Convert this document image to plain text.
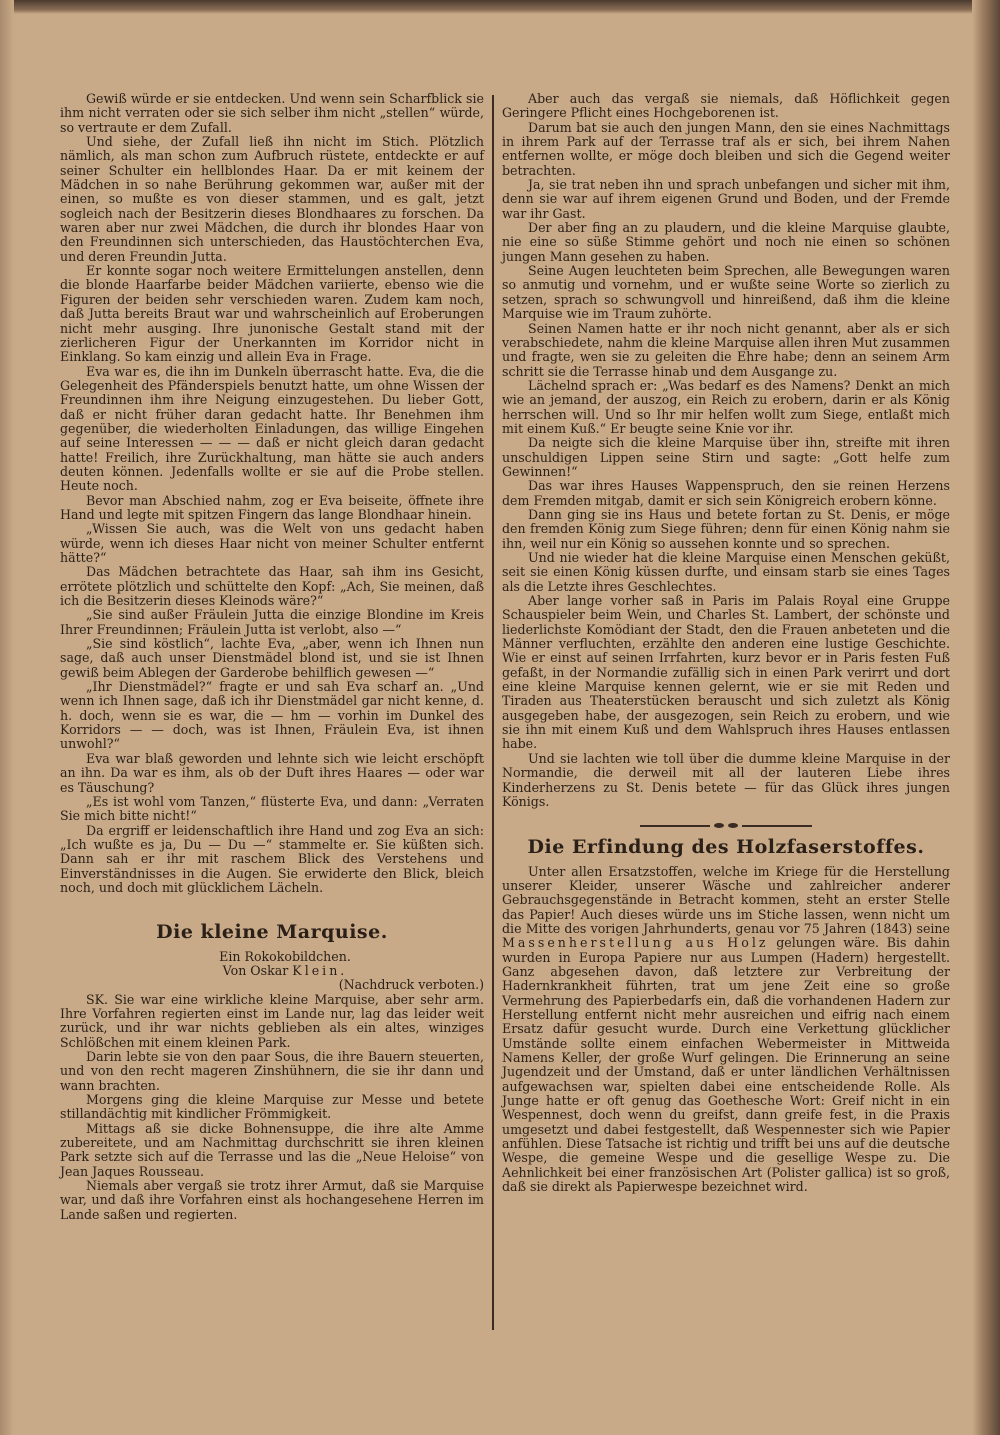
Gewiß würde er sie entdecken. Und wenn sein Scharfblick sie ihm nicht verraten oder sie sich selber ihm nicht „stellen“ würde, so vertraute er dem Zufall.

Und siehe, der Zufall ließ ihn nicht im Stich. Plötzlich nämlich, als man schon zum Aufbruch rüstete, entdeckte er auf seiner Schulter ein hellblondes Haar. Da er mit keinem der Mädchen in so nahe Berührung gekommen war, außer mit der einen, so mußte es von dieser stammen, und es galt, jetzt sogleich nach der Besitzerin dieses Blondhaares zu forschen. Da waren aber nur zwei Mädchen, die durch ihr blondes Haar von den Freundinnen sich unterschieden, das Haustöchterchen Eva, und deren Freundin Jutta.

Er konnte sogar noch weitere Ermittelungen anstellen, denn die blonde Haarfarbe beider Mädchen variierte, ebenso wie die Figuren der beiden sehr verschieden waren. Zudem kam noch, daß Jutta bereits Braut war und wahrscheinlich auf Eroberungen nicht mehr ausging. Ihre junonische Gestalt stand mit der zierlicheren Figur der Unerkannten im Korridor nicht in Einklang. So kam einzig und allein Eva in Frage.

Eva war es, die ihn im Dunkeln überrascht hatte. Eva, die die Gelegenheit des Pfänderspiels benutzt hatte, um ohne Wissen der Freundinnen ihm ihre Neigung einzugestehen. Du lieber Gott, daß er nicht früher daran gedacht hatte. Ihr Benehmen ihm gegenüber, die wiederholten Einladungen, das willige Eingehen auf seine Interessen — — — daß er nicht gleich daran gedacht hatte! Freilich, ihre Zurückhaltung, man hätte sie auch anders deuten können. Jedenfalls wollte er sie auf die Probe stellen. Heute noch.

Bevor man Abschied nahm, zog er Eva beiseite, öffnete ihre Hand und legte mit spitzen Fingern das lange Blondhaar hinein.

„Wissen Sie auch, was die Welt von uns gedacht haben würde, wenn ich dieses Haar nicht von meiner Schulter entfernt hätte?“

Das Mädchen betrachtete das Haar, sah ihm ins Gesicht, errötete plötzlich und schüttelte den Kopf: „Ach, Sie meinen, daß ich die Besitzerin dieses Kleinods wäre?“

„Sie sind außer Fräulein Jutta die einzige Blondine im Kreis Ihrer Freundinnen; Fräulein Jutta ist verlobt, also —“

„Sie sind köstlich“, lachte Eva, „aber, wenn ich Ihnen nun sage, daß auch unser Dienstmädel blond ist, und sie ist Ihnen gewiß beim Ablegen der Garderobe behilflich gewesen —“

„Ihr Dienstmädel?“ fragte er und sah Eva scharf an. „Und wenn ich Ihnen sage, daß ich ihr Dienstmädel gar nicht kenne, d. h. doch, wenn sie es war, die — hm — vorhin im Dunkel des Korridors — — doch, was ist Ihnen, Fräulein Eva, ist ihnen unwohl?“

Eva war blaß geworden und lehnte sich wie leicht erschöpft an ihn. Da war es ihm, als ob der Duft ihres Haares — oder war es Täuschung?

„Es ist wohl vom Tanzen,“ flüsterte Eva, und dann: „Verraten Sie mich bitte nicht!“

Da ergriff er leidenschaftlich ihre Hand und zog Eva an sich: „Ich wußte es ja, Du — Du —“ stammelte er. Sie küßten sich. Dann sah er ihr mit raschem Blick des Verstehens und Einverständnisses in die Augen. Sie erwiderte den Blick, bleich noch, und doch mit glücklichem Lächeln.

Die kleine Marquise.

Ein Rokokobildchen.

Von Oskar Klein.

(Nachdruck verboten.)

SK. Sie war eine wirkliche kleine Marquise, aber sehr arm. Ihre Vorfahren regierten einst im Lande nur, lag das leider weit zurück, und ihr war nichts geblieben als ein altes, winziges Schlößchen mit einem kleinen Park.

Darin lebte sie von den paar Sous, die ihre Bauern steuerten, und von den recht mageren Zinshühnern, die sie ihr dann und wann brachten.

Morgens ging die kleine Marquise zur Messe und betete stillandächtig mit kindlicher Frömmigkeit.

Mittags aß sie dicke Bohnensuppe, die ihre alte Amme zubereitete, und am Nachmittag durchschritt sie ihren kleinen Park setzte sich auf die Terrasse und las die „Neue Heloise“ von Jean Jaques Rousseau.

Niemals aber vergaß sie trotz ihrer Armut, daß sie Marquise war, und daß ihre Vorfahren einst als hochangesehene Herren im Lande saßen und regierten.

Aber auch das vergaß sie niemals, daß Höflichkeit gegen Geringere Pflicht eines Hochgeborenen ist.

Darum bat sie auch den jungen Mann, den sie eines Nachmittags in ihrem Park auf der Terrasse traf als er sich, bei ihrem Nahen entfernen wollte, er möge doch bleiben und sich die Gegend weiter betrachten.

Ja, sie trat neben ihn und sprach unbefangen und sicher mit ihm, denn sie war auf ihrem eigenen Grund und Boden, und der Fremde war ihr Gast.

Der aber fing an zu plaudern, und die kleine Marquise glaubte, nie eine so süße Stimme gehört und noch nie einen so schönen jungen Mann gesehen zu haben.

Seine Augen leuchteten beim Sprechen, alle Bewegungen waren so anmutig und vornehm, und er wußte seine Worte so zierlich zu setzen, sprach so schwungvoll und hinreißend, daß ihm die kleine Marquise wie im Traum zuhörte.

Seinen Namen hatte er ihr noch nicht genannt, aber als er sich verabschiedete, nahm die kleine Marquise allen ihren Mut zusammen und fragte, wen sie zu geleiten die Ehre habe; denn an seinem Arm schritt sie die Terrasse hinab und dem Ausgange zu.

Lächelnd sprach er: „Was bedarf es des Namens? Denkt an mich wie an jemand, der auszog, ein Reich zu erobern, darin er als König herrschen will. Und so Ihr mir helfen wollt zum Siege, entlaßt mich mit einem Kuß.“ Er beugte seine Knie vor ihr.

Da neigte sich die kleine Marquise über ihn, streifte mit ihren unschuldigen Lippen seine Stirn und sagte: „Gott helfe zum Gewinnen!“

Das war ihres Hauses Wappenspruch, den sie reinen Herzens dem Fremden mitgab, damit er sich sein Königreich erobern könne.

Dann ging sie ins Haus und betete fortan zu St. Denis, er möge den fremden König zum Siege führen; denn für einen König nahm sie ihn, weil nur ein König so aussehen konnte und so sprechen.

Und nie wieder hat die kleine Marquise einen Menschen geküßt, seit sie einen König küssen durfte, und einsam starb sie eines Tages als die Letzte ihres Geschlechtes.

Aber lange vorher saß in Paris im Palais Royal eine Gruppe Schauspieler beim Wein, und Charles St. Lambert, der schönste und liederlichste Komödiant der Stadt, den die Frauen anbeteten und die Männer verfluchten, erzählte den anderen eine lustige Geschichte. Wie er einst auf seinen Irrfahrten, kurz bevor er in Paris festen Fuß gefaßt, in der Normandie zufällig sich in einen Park verirrt und dort eine kleine Marquise kennen gelernt, wie er sie mit Reden und Tiraden aus Theaterstücken berauscht und sich zuletzt als König ausgegeben habe, der ausgezogen, sein Reich zu erobern, und wie sie ihn mit einem Kuß und dem Wahlspruch ihres Hauses entlassen habe.

Und sie lachten wie toll über die dumme kleine Marquise in der Normandie, die derweil mit all der lauteren Liebe ihres Kinderherzens zu St. Denis betete — für das Glück ihres jungen Königs.

Die Erfindung des Holzfaserstoffes.

Unter allen Ersatzstoffen, welche im Kriege für die Herstellung unserer Kleider, unserer Wäsche und zahlreicher anderer Gebrauchsgegenstände in Betracht kommen, steht an erster Stelle das Papier! Auch dieses würde uns im Stiche lassen, wenn nicht um die Mitte des vorigen Jahrhunderts, genau vor 75 Jahren (1843) seine Massenherstellung aus Holz gelungen wäre. Bis dahin wurden in Europa Papiere nur aus Lumpen (Hadern) hergestellt. Ganz abgesehen davon, daß letztere zur Verbreitung der Hadernkrankheit führten, trat um jene Zeit eine so große Vermehrung des Papierbedarfs ein, daß die vorhandenen Hadern zur Herstellung entfernt nicht mehr ausreichen und eifrig nach einem Ersatz dafür gesucht wurde. Durch eine Verkettung glücklicher Umstände sollte einem einfachen Webermeister in Mittweida Namens Keller, der große Wurf gelingen. Die Erinnerung an seine Jugendzeit und der Umstand, daß er unter ländlichen Verhältnissen aufgewachsen war, spielten dabei eine entscheidende Rolle. Als Junge hatte er oft genug das Goethesche Wort: Greif nicht in ein Wespennest, doch wenn du greifst, dann greife fest, in die Praxis umgesetzt und dabei festgestellt, daß Wespennester sich wie Papier anfühlen. Diese Tatsache ist richtig und trifft bei uns auf die deutsche Wespe, die gemeine Wespe und die gesellige Wespe zu. Die Aehnlichkeit bei einer französischen Art (Polister gallica) ist so groß, daß sie direkt als Papierwespe bezeichnet wird.
